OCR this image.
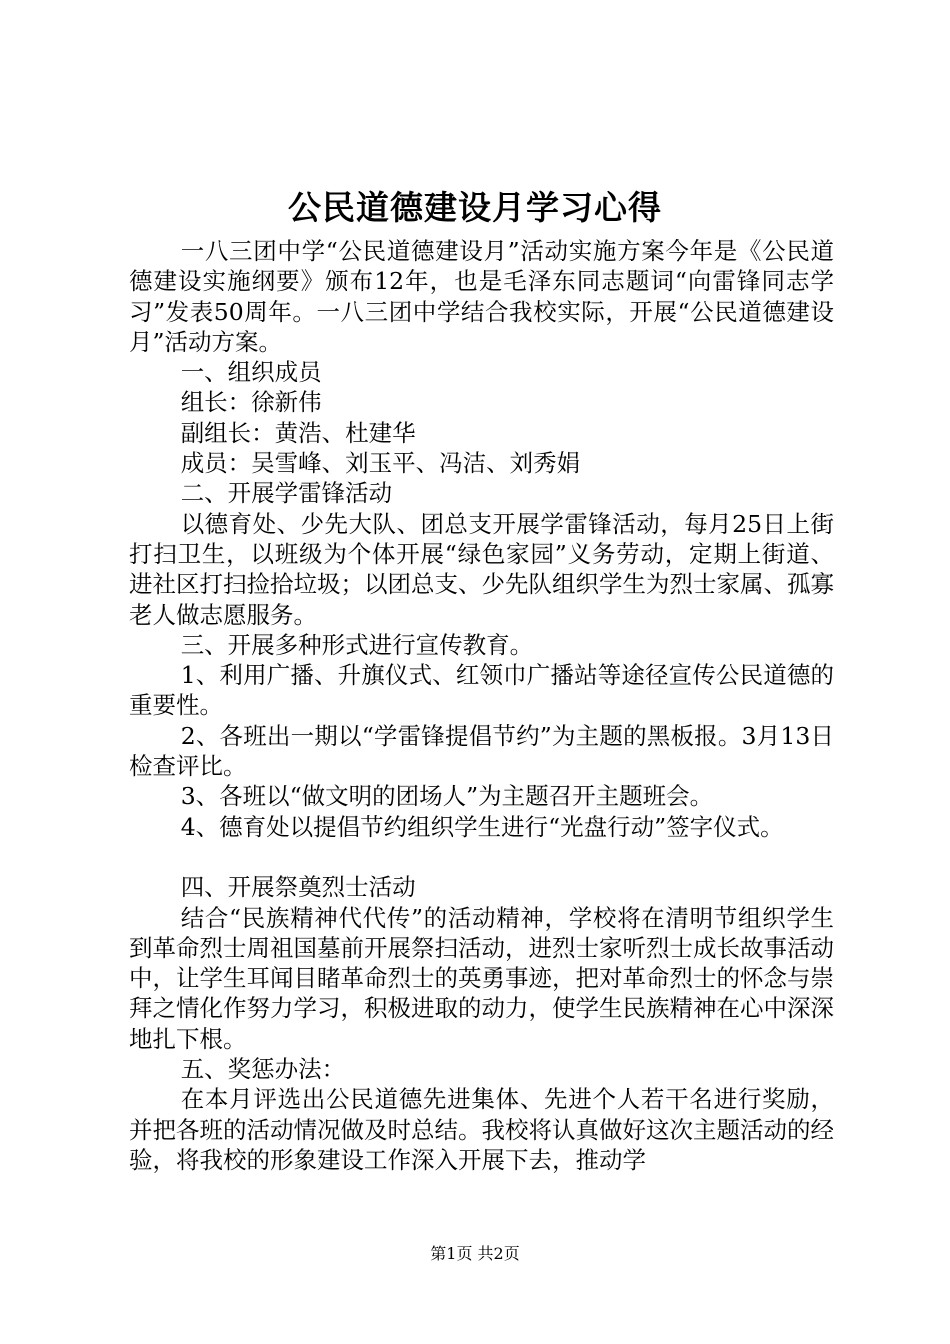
公民道德建设月学习心得

一八三团中学“公民道德建设月”活动实施方案今年是《公民道德建设实施纲要》颁布12年，也是毛泽东同志题词“向雷锋同志学习”发表50周年。一八三团中学结合我校实际，开展“公民道德建设月”活动方案。

一、组织成员

组长：徐新伟

副组长：黄浩、杜建华

成员：吴雪峰、刘玉平、冯洁、刘秀娟

二、开展学雷锋活动

以德育处、少先大队、团总支开展学雷锋活动，每月25日上街打扫卫生，以班级为个体开展“绿色家园”义务劳动，定期上街道、进社区打扫捡拾垃圾；以团总支、少先队组织学生为烈士家属、孤寡老人做志愿服务。

三、开展多种形式进行宣传教育。

1、利用广播、升旗仪式、红领巾广播站等途径宣传公民道德的重要性。

2、各班出一期以“学雷锋提倡节约”为主题的黑板报。3月13日检查评比。

3、各班以“做文明的团场人”为主题召开主题班会。

4、德育处以提倡节约组织学生进行“光盘行动”签字仪式。

四、开展祭奠烈士活动

结合“民族精神代代传”的活动精神，学校将在清明节组织学生到革命烈士周祖国墓前开展祭扫活动，进烈士家听烈士成长故事活动中，让学生耳闻目睹革命烈士的英勇事迹，把对革命烈士的怀念与崇拜之情化作努力学习，积极进取的动力，使学生民族精神在心中深深地扎下根。

五、奖惩办法：

在本月评选出公民道德先进集体、先进个人若干名进行奖励，并把各班的活动情况做及时总结。我校将认真做好这次主题活动的经验，将我校的形象建设工作深入开展下去，推动学

第1页 共2页
